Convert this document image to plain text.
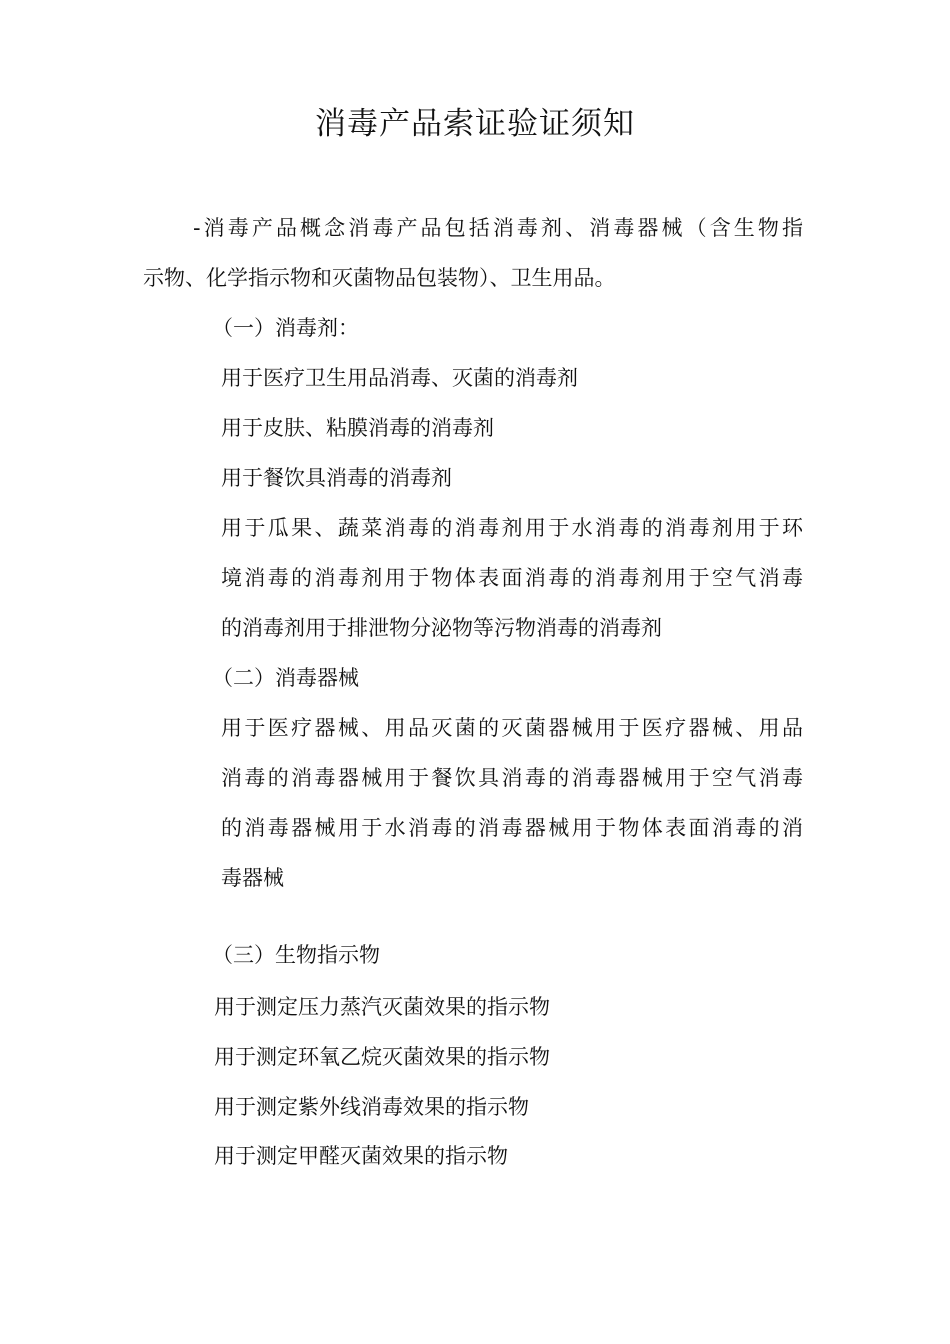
消毒产品索证验证须知
-消毒产品概念消毒产品包括消毒剂、消毒器械（含生物指
示物、化学指示物和灭菌物品包装物）、卫生用品。
（一）消毒剂：
用于医疗卫生用品消毒、灭菌的消毒剂
用于皮肤、粘膜消毒的消毒剂
用于餐饮具消毒的消毒剂
用于瓜果、蔬菜消毒的消毒剂用于水消毒的消毒剂用于环
境消毒的消毒剂用于物体表面消毒的消毒剂用于空气消毒
的消毒剂用于排泄物分泌物等污物消毒的消毒剂
（二）消毒器械
用于医疗器械、用品灭菌的灭菌器械用于医疗器械、用品
消毒的消毒器械用于餐饮具消毒的消毒器械用于空气消毒
的消毒器械用于水消毒的消毒器械用于物体表面消毒的消
毒器械
（三）生物指示物
用于测定压力蒸汽灭菌效果的指示物
用于测定环氧乙烷灭菌效果的指示物
用于测定紫外线消毒效果的指示物
用于测定甲醛灭菌效果的指示物
